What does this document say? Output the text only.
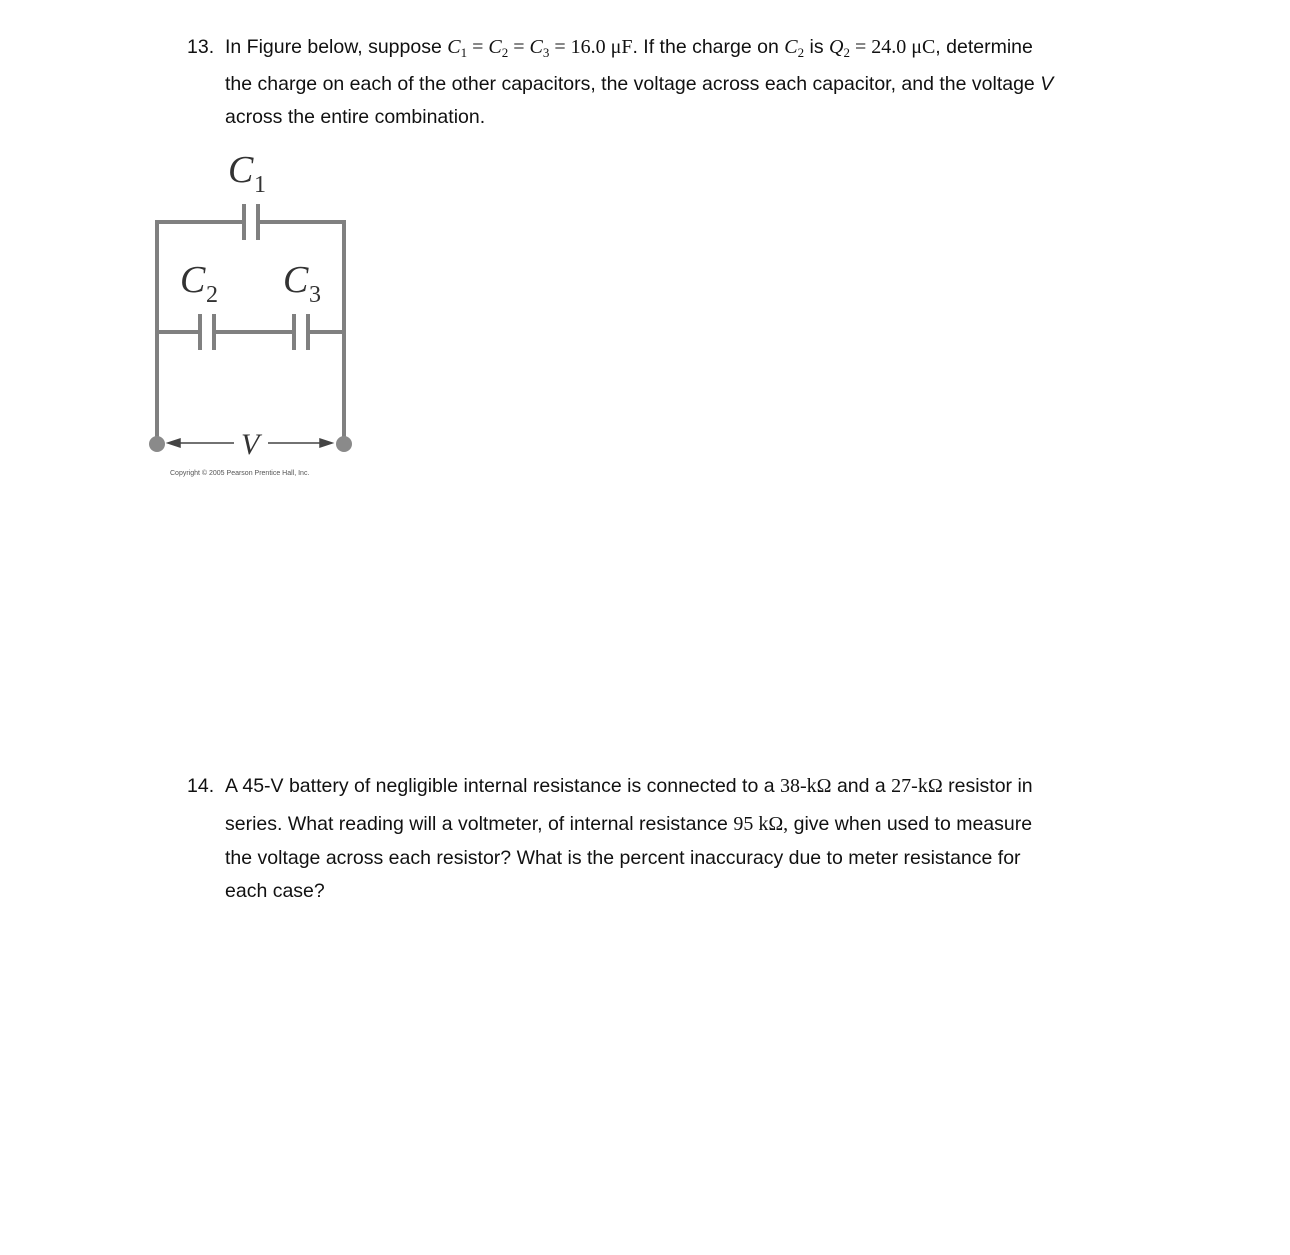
13. In Figure below, suppose $C_1 = C_2 = C_3 = 16.0$ μF. If the charge on $C_2$ is $Q_2 = 24.0$ μC, determine
the charge on each of the other capacitors, the voltage across each capacitor, and the voltage V
across the entire combination.
C 1
C 2 C 3
V
Copyright © 2005 Pearson Prentice Hall, Inc.
14. A 45-V battery of negligible internal resistance is connected to a 38-kΩ and a 27-kΩ resistor in
series. What reading will a voltmeter, of internal resistance 95 kΩ, give when used to measure
the voltage across each resistor? What is the percent inaccuracy due to meter resistance for
each case?
